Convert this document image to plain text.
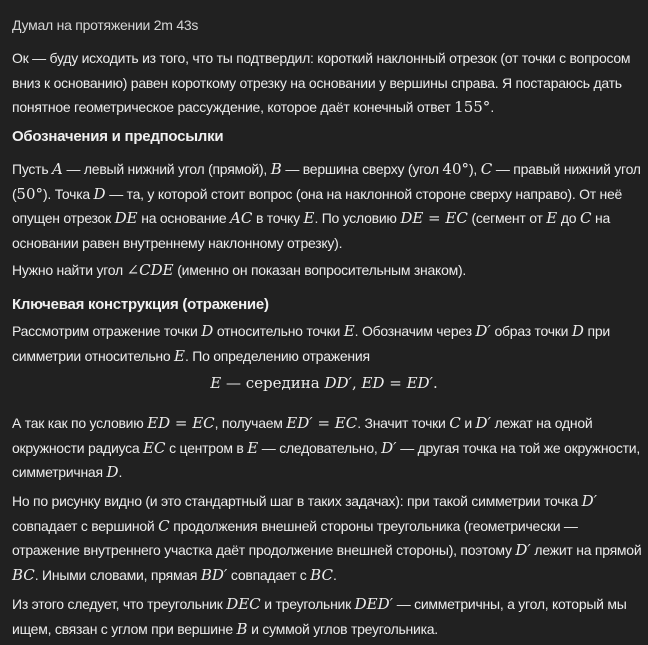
Думал на протяжении 2m 43s
Ок — буду исходить из того, что ты подтвердил: короткий наклонный отрезок (от точки с вопросом вниз к основанию) равен короткому отрезку на основании у вершины справа. Я постараюсь дать понятное геометрическое рассуждение, которое даёт конечный ответ 155°.
Обозначения и предпосылки
Пусть A — левый нижний угол (прямой), B — вершина сверху (угол 40°), C — правый нижний угол (50°). Точка D — та, у которой стоит вопрос (она на наклонной стороне сверху направо). От неё опущен отрезок DE на основание AC в точку E. По условию DE = EC (сегмент от E до C на основании равен внутреннему наклонному отрезку).
Нужно найти угол ∠CDE (именно он показан вопросительным знаком).
Ключевая конструкция (отражение)
Рассмотрим отражение точки D относительно точки E. Обозначим через D′ образ точки D при симметрии относительно E. По определению отражения
E — середина DD′, ED = ED′.
А так как по условию ED = EC, получаем ED′ = EC. Значит точки C и D′ лежат на одной окружности радиуса EC с центром в E — следовательно, D′ — другая точка на той же окружности, симметричная D.
Но по рисунку видно (и это стандартный шаг в таких задачах): при такой симметрии точка D′ совпадает с вершиной C продолжения внешней стороны треугольника (геометрически — отражение внутреннего участка даёт продолжение внешней стороны), поэтому D′ лежит на прямой BC. Иными словами, прямая BD′ совпадает с BC.
Из этого следует, что треугольник DEC и треугольник DED′ — симметричны, а угол, который мы ищем, связан с углом при вершине B и суммой углов треугольника.
